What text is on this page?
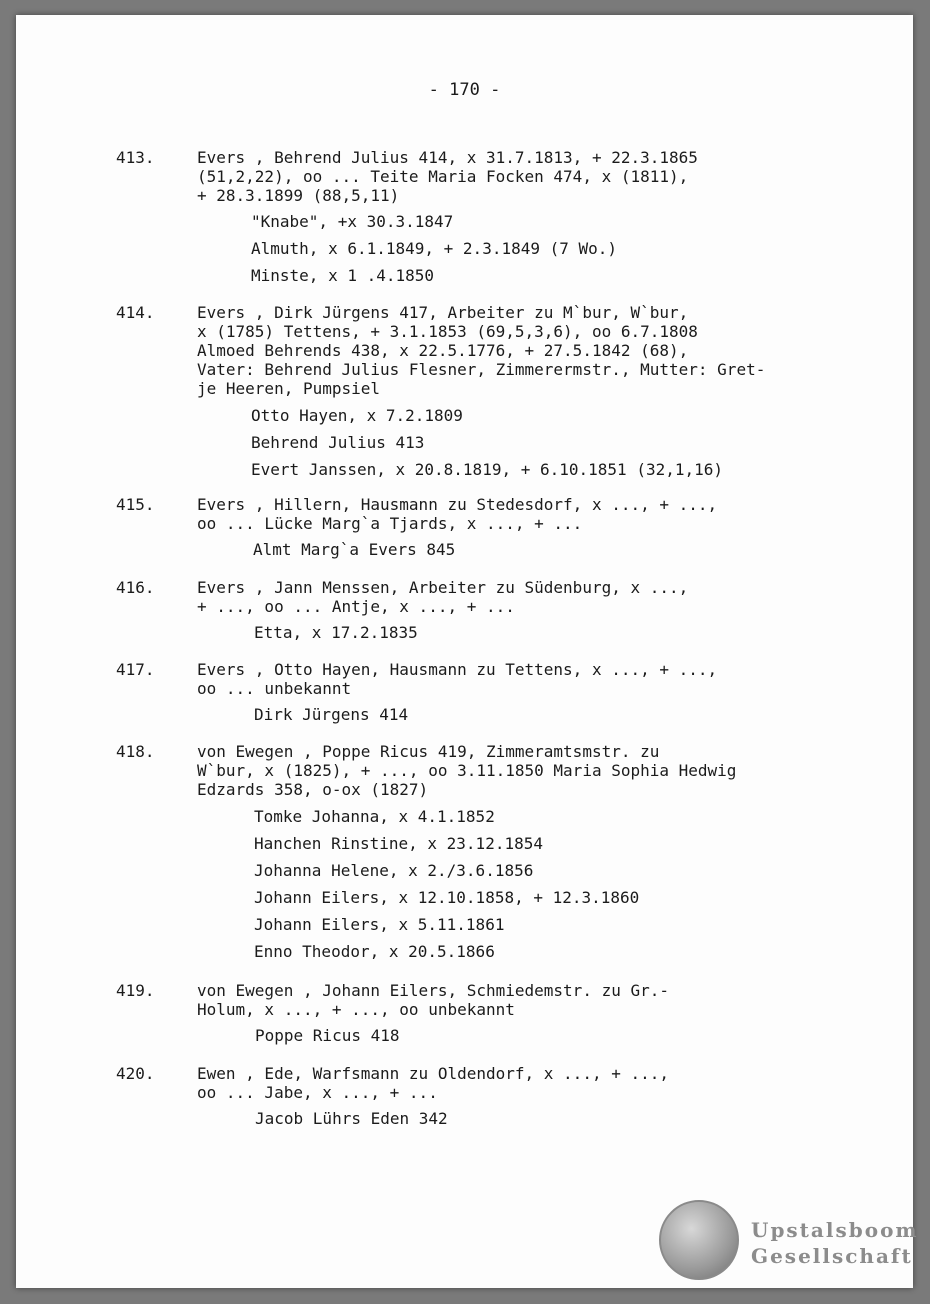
- 170 -
413.	Evers , Behrend Julius 414, x 31.7.1813, + 22.3.1865
(51,2,22), oo ... Teite Maria Focken 474, x (1811),
+ 28.3.1899 (88,5,11)
"Knabe", +x 30.3.1847
Almuth, x 6.1.1849, + 2.3.1849 (7 Wo.)
Minste, x 1 .4.1850
414.	Evers , Dirk Jürgens 417, Arbeiter zu M`bur, W`bur,
x (1785) Tettens, + 3.1.1853 (69,5,3,6), oo 6.7.1808
Almoed Behrends 438, x 22.5.1776, + 27.5.1842 (68),
Vater: Behrend Julius Flesner, Zimmerermstr., Mutter: Gret-
je Heeren, Pumpsiel
Otto Hayen, x 7.2.1809
Behrend Julius 413
Evert Janssen, x 20.8.1819, + 6.10.1851 (32,1,16)
415.	Evers , Hillern, Hausmann zu Stedesdorf, x ..., + ...,
oo ... Lücke Marg`a Tjards, x ..., + ...
Almt Marg`a Evers 845
416.	Evers , Jann Menssen, Arbeiter zu Südenburg, x ...,
+ ..., oo ... Antje, x ..., + ...
Etta, x 17.2.1835
417.	Evers , Otto Hayen, Hausmann zu Tettens, x ..., + ...,
oo ... unbekannt
Dirk Jürgens 414
418.	von Ewegen , Poppe Ricus 419, Zimmeramtsmstr. zu
W`bur, x (1825), + ..., oo 3.11.1850 Maria Sophia Hedwig
Edzards 358, o-ox (1827)
Tomke Johanna, x 4.1.1852
Hanchen Rinstine, x 23.12.1854
Johanna Helene, x 2./3.6.1856
Johann Eilers, x 12.10.1858, + 12.3.1860
Johann Eilers, x 5.11.1861
Enno Theodor, x 20.5.1866
419.	von Ewegen , Johann Eilers, Schmiedemstr. zu Gr.-
Holum, x ..., + ..., oo unbekannt
Poppe Ricus 418
420.	Ewen , Ede, Warfsmann zu Oldendorf, x ..., + ...,
oo ... Jabe, x ..., + ...
Jacob Lührs Eden 342
Upstalsboom
Gesellschaft
